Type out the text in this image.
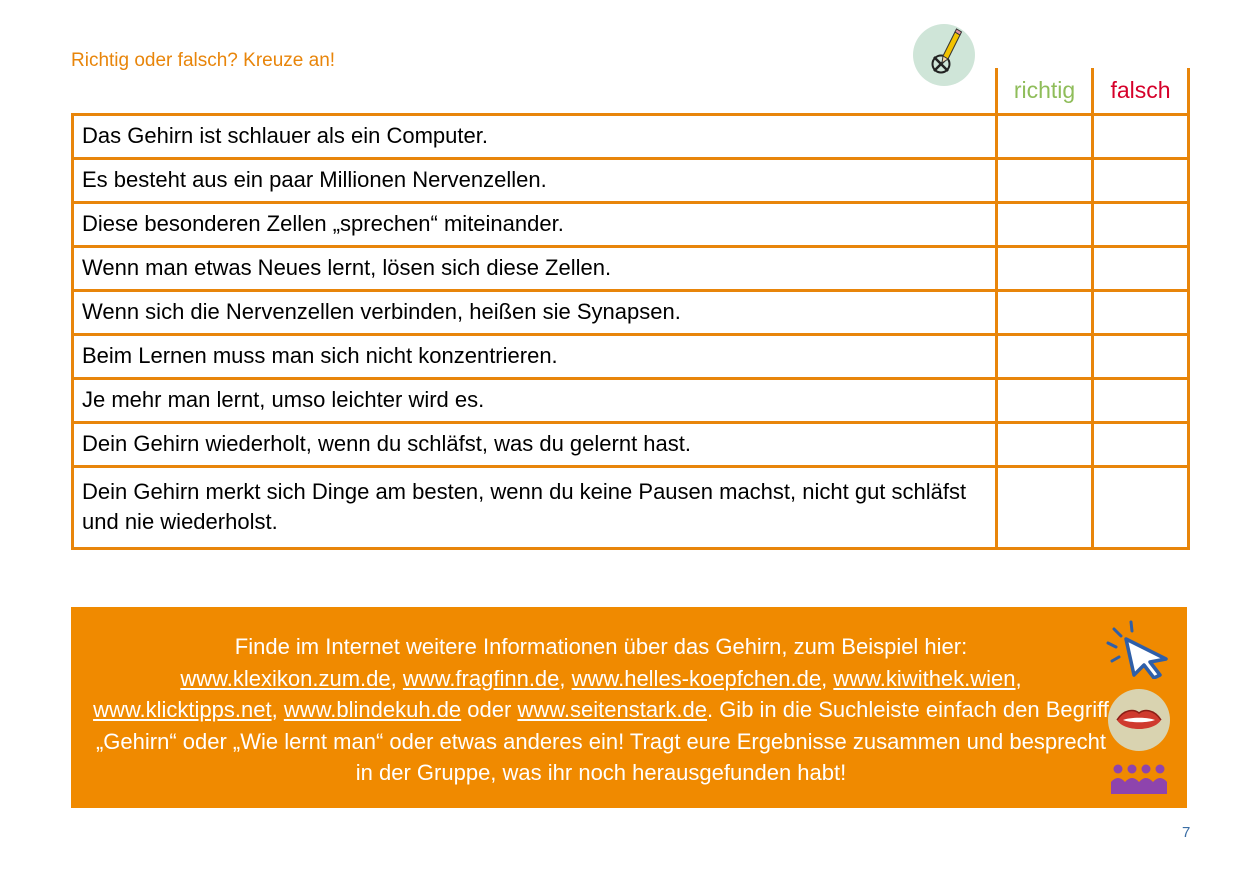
Richtig oder falsch? Kreuze an!
	richtig	falsch
Das Gehirn ist schlauer als ein Computer.		
Es besteht aus ein paar Millionen Nervenzellen.		
Diese besonderen Zellen „sprechen“ miteinander.		
Wenn man etwas Neues lernt, lösen sich diese Zellen.		
Wenn sich die Nervenzellen verbinden, heißen sie Synapsen.		
Beim Lernen muss man sich nicht konzentrieren.		
Je mehr man lernt, umso leichter wird es.		
Dein Gehirn wiederholt, wenn du schläfst, was du gelernt hast.		
Dein Gehirn merkt sich Dinge am besten, wenn du keine Pausen machst, nicht gut schläfst und nie wiederholst.		
Finde im Internet weitere Informationen über das Gehirn, zum Beispiel hier:
www.klexikon.zum.de, www.fragfinn.de, www.helles-koepfchen.de, www.kiwithek.wien,
www.klicktipps.net, www.blindekuh.de oder www.seitenstark.de. Gib in die Suchleiste einfach den Begriff „Gehirn“ oder „Wie lernt man“ oder etwas anderes ein! Tragt eure Ergebnisse zusammen und besprecht in der Gruppe, was ihr noch herausgefunden habt!
7
